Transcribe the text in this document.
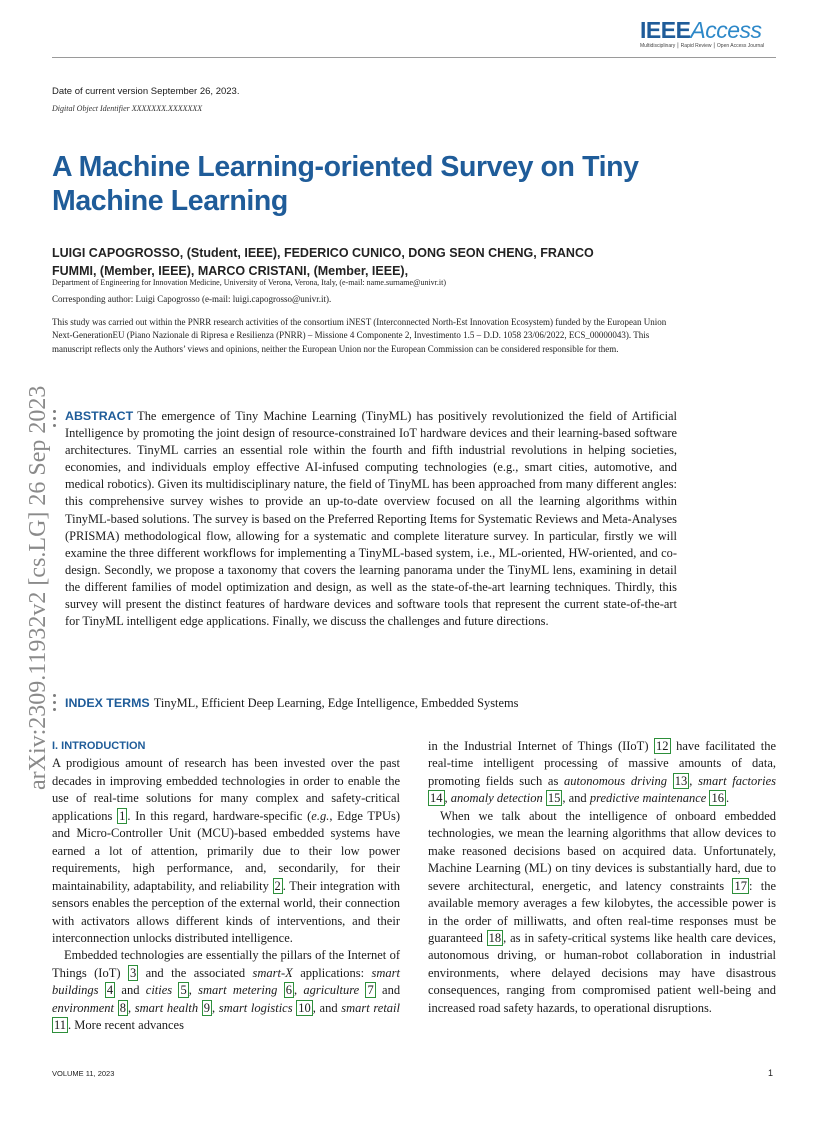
IEEEAccess
Multidisciplinary ⎮ Rapid Review ⎮ Open Access Journal
Date of current version September 26, 2023.
Digital Object Identifier XXXXXXX.XXXXXXX
A Machine Learning-oriented Survey on Tiny Machine Learning
LUIGI CAPOGROSSO, (Student, IEEE), FEDERICO CUNICO, DONG SEON CHENG, FRANCO FUMMI, (Member, IEEE), MARCO CRISTANI, (Member, IEEE),
Department of Engineering for Innovation Medicine, University of Verona, Verona, Italy, (e-mail: name.surname@univr.it)
Corresponding author: Luigi Capogrosso (e-mail: luigi.capogrosso@univr.it).
This study was carried out within the PNRR research activities of the consortium iNEST (Interconnected North-Est Innovation Ecosystem) funded by the European Union Next-GenerationEU (Piano Nazionale di Ripresa e Resilienza (PNRR) – Missione 4 Componente 2, Investimento 1.5 – D.D. 1058 23/06/2022, ECS_00000043). This manuscript reflects only the Authors’ views and opinions, neither the European Union nor the European Commission can be considered responsible for them.
arXiv:2309.11932v2 [cs.LG] 26 Sep 2023 ABSTRACT The emergence of Tiny Machine Learning (TinyML) has positively revolutionized the field of Artificial Intelligence by promoting the joint design of resource-constrained IoT hardware devices and their learning-based software architectures. TinyML carries an essential role within the fourth and fifth industrial revolutions in helping societies, economies, and individuals employ effective AI-infused computing technologies (e.g., smart cities, automotive, and medical robotics). Given its multidisciplinary nature, the field of TinyML has been approached from many different angles: this comprehensive survey wishes to provide an up-to-date overview focused on all the learning algorithms within TinyML-based solutions. The survey is based on the Preferred Reporting Items for Systematic Reviews and Meta-Analyses (PRISMA) methodological flow, allowing for a systematic and complete literature survey. In particular, firstly we will examine the three different workflows for implementing a TinyML-based system, i.e., ML-oriented, HW-oriented, and co-design. Secondly, we propose a taxonomy that covers the learning panorama under the TinyML lens, examining in detail the different families of model optimization and design, as well as the state-of-the-art learning techniques. Thirdly, this survey will present the distinct features of hardware devices and software tools that represent the current state-of-the-art for TinyML intelligent edge applications. Finally, we discuss the challenges and future directions.
INDEX TERMS TinyML, Efficient Deep Learning, Edge Intelligence, Embedded Systems
I. INTRODUCTION

A prodigious amount of research has been invested over the past decades in improving embedded technologies in order to enable the use of real-time solutions for many complex and safety-critical applications 1 . In this regard, hardware-specific (e.g., Edge TPUs) and Micro-Controller Unit (MCU)-based embedded systems have earned a lot of attention, primarily due to their low power requirements, high performance, and, secondarily, for their maintainability, adaptability, and reliability 2 . Their integration with sensors enables the perception of the external world, their connection with activators allows different kinds of interventions, and their interconnection unlocks distributed intelligence.

Embedded technologies are essentially the pillars of the Internet of Things (IoT) 3 and the associated smart-X applications: smart buildings 4 and cities 5 , smart metering 6 , agriculture 7 and environment 8 , smart health 9 , smart logistics 10 , and smart retail 11 . More recent advances

in the Industrial Internet of Things (IIoT) 12 have facilitated the real-time intelligent processing of massive amounts of data, promoting fields such as autonomous driving 13 , smart factories 14 , anomaly detection 15 , and predictive maintenance 16 .

When we talk about the intelligence of onboard embedded technologies, we mean the learning algorithms that allow devices to make reasoned decisions based on acquired data. Unfortunately, Machine Learning (ML) on tiny devices is substantially hard, due to severe architectural, energetic, and latency constraints 17 : the available memory averages a few kilobytes, the accessible power is in the order of milliwatts, and often real-time responses must be guaranteed 18 , as in safety-critical systems like health care devices, autonomous driving, or human-robot collaboration in industrial environments, where delayed decisions may have disastrous consequences, ranging from compromised patient well-being and increased road safety hazards, to operational disruptions.

VOLUME 11, 2023	1
